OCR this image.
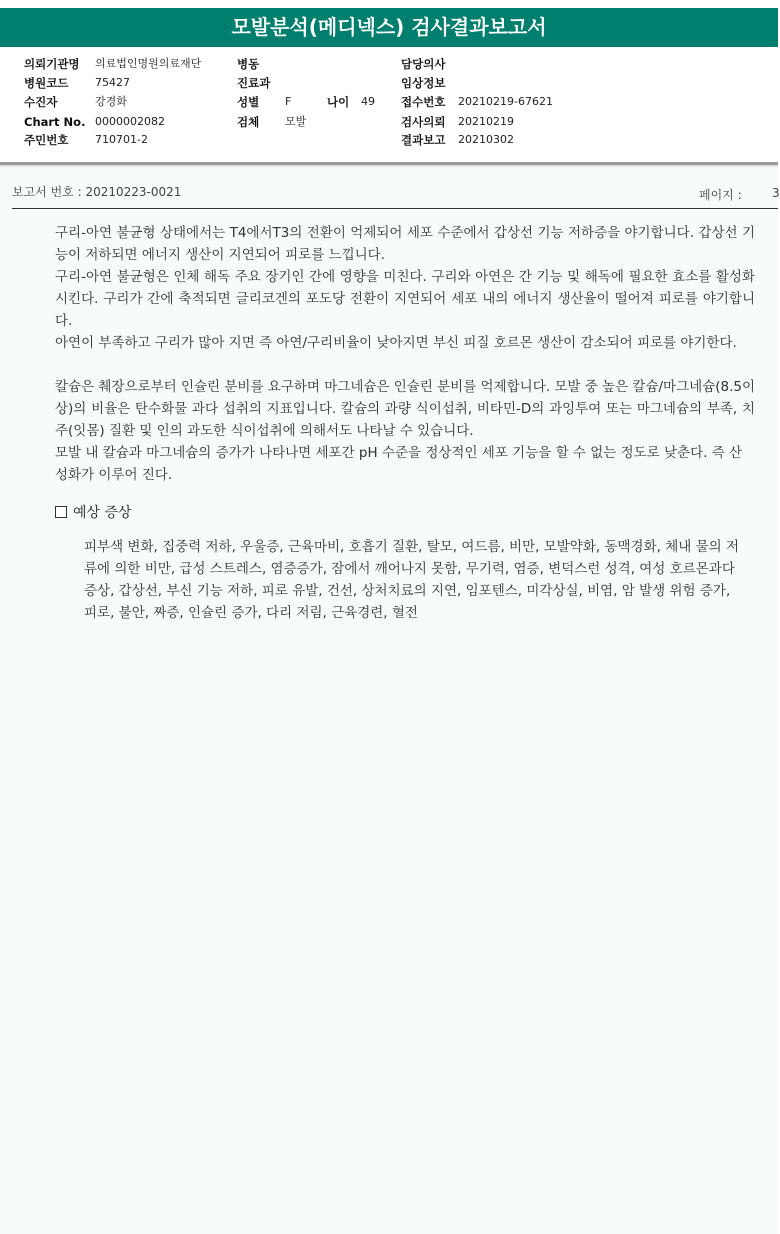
모발분석(메디넥스) 검사결과보고서
의뢰기관명 의료법인명원의료재단	병동	담당의사
병원코드 75427	진료과	임상정보
수진자	강경화	성별 F	나이 49 접수번호 20210219-67621
Chart No. 0000002082	검체 모발	검사의뢰 20210219
주민번호 710701-2	결과보고 20210302
보고서 번호 : 20210223-0021	페이지 :	3

구리-아연 불균형 상태에서는 T4에서T3의 전환이 억제되어 세포 수준에서 갑상선 기능 저하증을 야기합니다. 갑상선 기능이 저하되면 에너지 생산이 지연되어 피로를 느낍니다.

구리-아연 불균형은 인체 해독 주요 장기인 간에 영향을 미친다. 구리와 아연은 간 기능 및 해독에 필요한 효소를 활성화시킨다. 구리가 간에 축적되면 글리코겐의 포도당 전환이 지연되어 세포 내의 에너지 생산율이 떨어져 피로를 야기합니다.

아연이 부족하고 구리가 많아 지면 즉 아연/구리비율이 낮아지면 부신 피질 호르몬 생산이 감소되어 피로를 야기한다.

칼슘은 췌장으로부터 인슐린 분비를 요구하며 마그네슘은 인슐린 분비를 억제합니다. 모발 중 높은 칼슘/마그네슘(8.5이상)의 비율은 탄수화물 과다 섭취의 지표입니다. 칼슘의 과량 식이섭취, 비타민-D의 과잉투여 또는 마그네슘의 부족, 치주(잇몸) 질환 및 인의 과도한 식이섭취에 의해서도 나타날 수 있습니다.

모발 내 칼슘과 마그네슘의 증가가 나타나면 세포간 pH 수준을 정상적인 세포 기능을 할 수 없는 정도로 낮춘다. 즉 산성화가 이루어 진다.

예상 증상
피부색 변화, 집중력 저하, 우울증, 근육마비, 호흡기 질환, 탈모, 여드름, 비만, 모발약화, 동맥경화, 체내 물의 저류에 의한 비만, 급성 스트레스, 염증증가, 잠에서 깨어나지 못함, 무기력, 염증, 변덕스런 성격, 여성 호르몬과다증상, 갑상선, 부신 기능 저하, 피로 유발, 건선, 상처치료의 지연, 임포텐스, 미각상실, 비염, 암 발생 위험 증가, 피로, 불안, 짜증, 인슐린 증가, 다리 저림, 근육경련, 혈전
